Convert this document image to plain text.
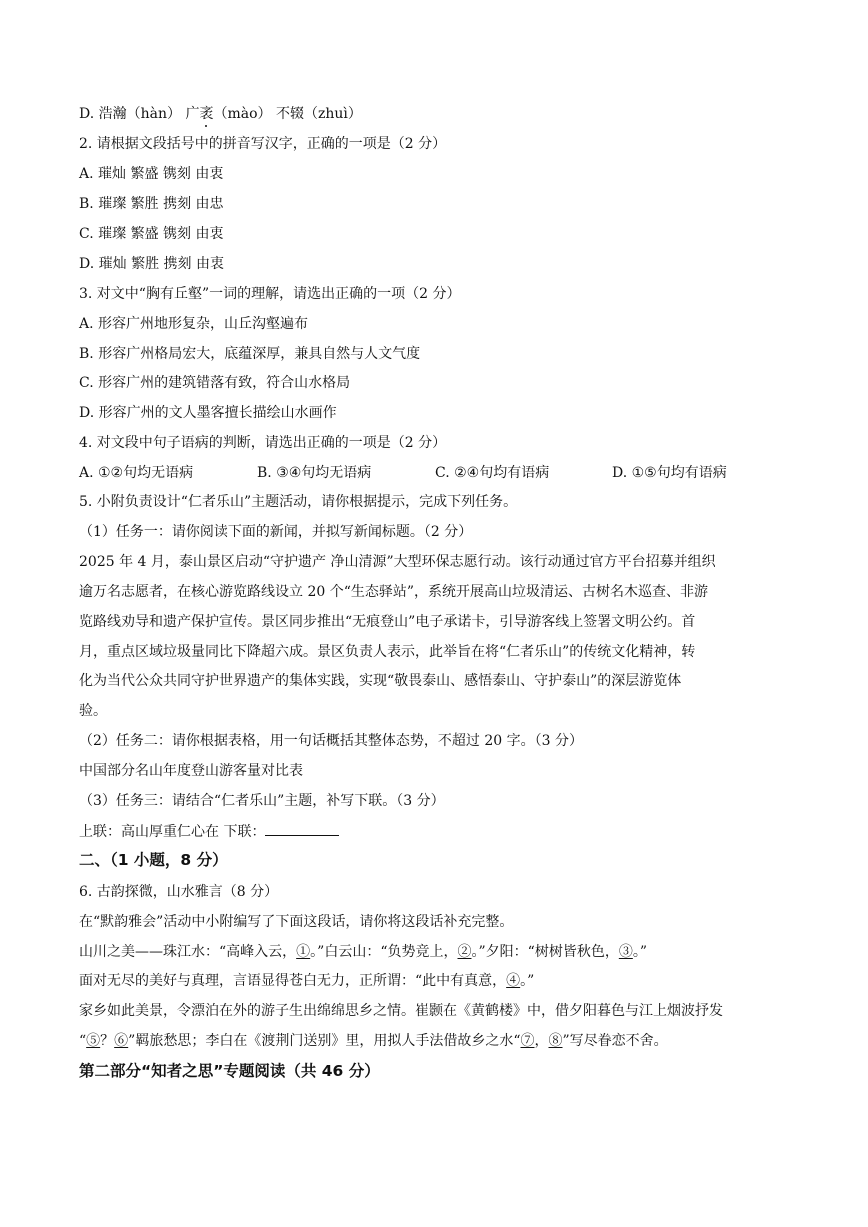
D. 浩瀚（hàn） 广袤（mào） 不辍（zhuì）
2. 请根据文段括号中的拼音写汉字，正确的一项是（2 分）
A. 璀灿 繁盛 镌刻 由衷
B. 璀璨 繁胜 携刻 由忠
C. 璀璨 繁盛 镌刻 由衷
D. 璀灿 繁胜 携刻 由衷
3. 对文中“胸有丘壑”一词的理解，请选出正确的一项（2 分）
A. 形容广州地形复杂，山丘沟壑遍布
B. 形容广州格局宏大，底蕴深厚，兼具自然与人文气度
C. 形容广州的建筑错落有致，符合山水格局
D. 形容广州的文人墨客擅长描绘山水画作
4. 对文段中句子语病的判断，请选出正确的一项是（2 分）
A. ①②句均无语病	B. ③④句均无语病	C. ②④句均有语病	D. ①⑤句均有语病
5. 小附负责设计“仁者乐山”主题活动，请你根据提示，完成下列任务。
（1）任务一：请你阅读下面的新闻，并拟写新闻标题。（2 分）
2025 年 4 月，泰山景区启动“守护遗产 净山清源”大型环保志愿行动。该行动通过官方平台招募并组织
逾万名志愿者，在核心游览路线设立 20 个“生态驿站”，系统开展高山垃圾清运、古树名木巡查、非游
览路线劝导和遗产保护宣传。景区同步推出“无痕登山”电子承诺卡，引导游客线上签署文明公约。首
月，重点区域垃圾量同比下降超六成。景区负责人表示，此举旨在将“仁者乐山”的传统文化精神，转
化为当代公众共同守护世界遗产的集体实践，实现“敬畏泰山、感悟泰山、守护泰山”的深层游览体
验。
（2）任务二：请你根据表格，用一句话概括其整体态势，不超过 20 字。（3 分）
中国部分名山年度登山游客量对比表
（3）任务三：请结合“仁者乐山”主题，补写下联。（3 分）
上联：高山厚重仁心在 下联：
二、（1 小题，8 分）
6. 古韵探微，山水雅言（8 分）
在“默韵雅会”活动中小附编写了下面这段话，请你将这段话补充完整。
山川之美——珠江水：“高峰入云，①。”白云山：“负势竞上，②。”夕阳：“树树皆秋色，③。”
面对无尽的美好与真理，言语显得苍白无力，正所谓：“此中有真意，④。”
家乡如此美景，令漂泊在外的游子生出绵绵思乡之情。崔颢在《黄鹤楼》中，借夕阳暮色与江上烟波抒发
“⑤？⑥”羁旅愁思；李白在《渡荆门送别》里，用拟人手法借故乡之水“⑦，⑧”写尽眷恋不舍。
第二部分“知者之思”专题阅读（共 46 分）
